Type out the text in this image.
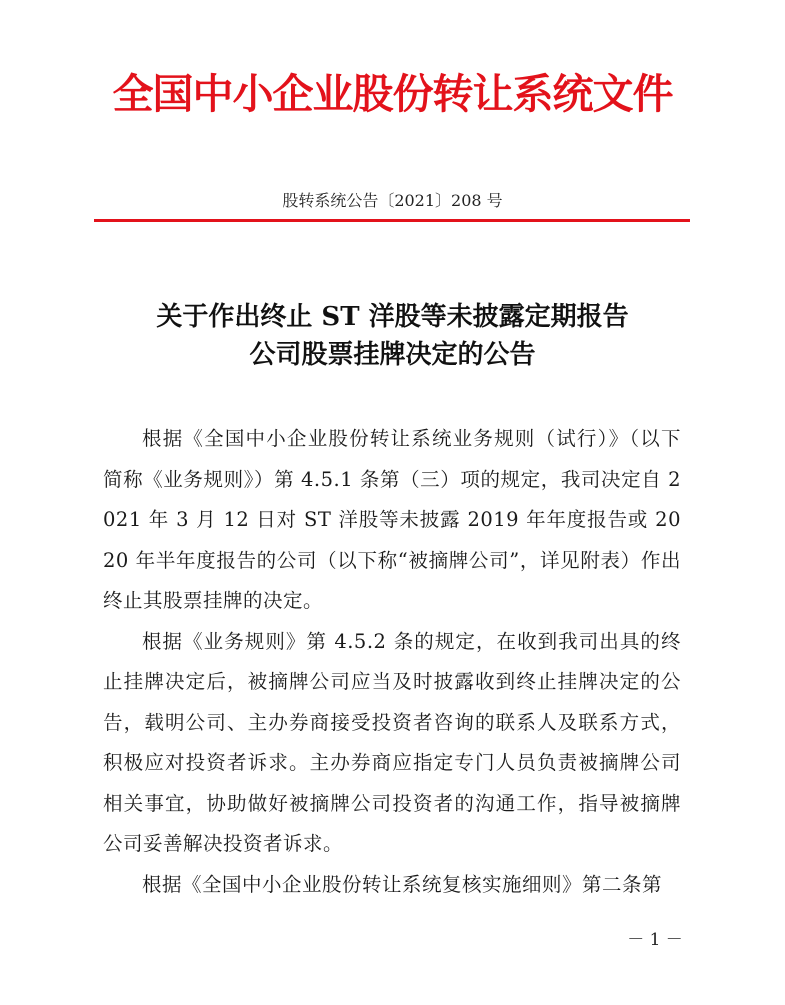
全国中小企业股份转让系统文件
股转系统公告〔2021〕208 号
关于作出终止 ST 洋股等未披露定期报告
公司股票挂牌决定的公告

根据《全国中小企业股份转让系统业务规则（试行）》（以下简称《业务规则》）第 4.5.1 条第（三）项的规定，我司决定自 2021 年 3 月 12 日对 ST 洋股等未披露 2019 年年度报告或 2020 年半年度报告的公司（以下称“被摘牌公司”，详见附表）作出终止其股票挂牌的决定。

根据《业务规则》第 4.5.2 条的规定，在收到我司出具的终止挂牌决定后，被摘牌公司应当及时披露收到终止挂牌决定的公告，载明公司、主办券商接受投资者咨询的联系人及联系方式，积极应对投资者诉求。主办券商应指定专门人员负责被摘牌公司相关事宜，协助做好被摘牌公司投资者的沟通工作，指导被摘牌公司妥善解决投资者诉求。

根据《全国中小企业股份转让系统复核实施细则》第二条第

－ 1 －
